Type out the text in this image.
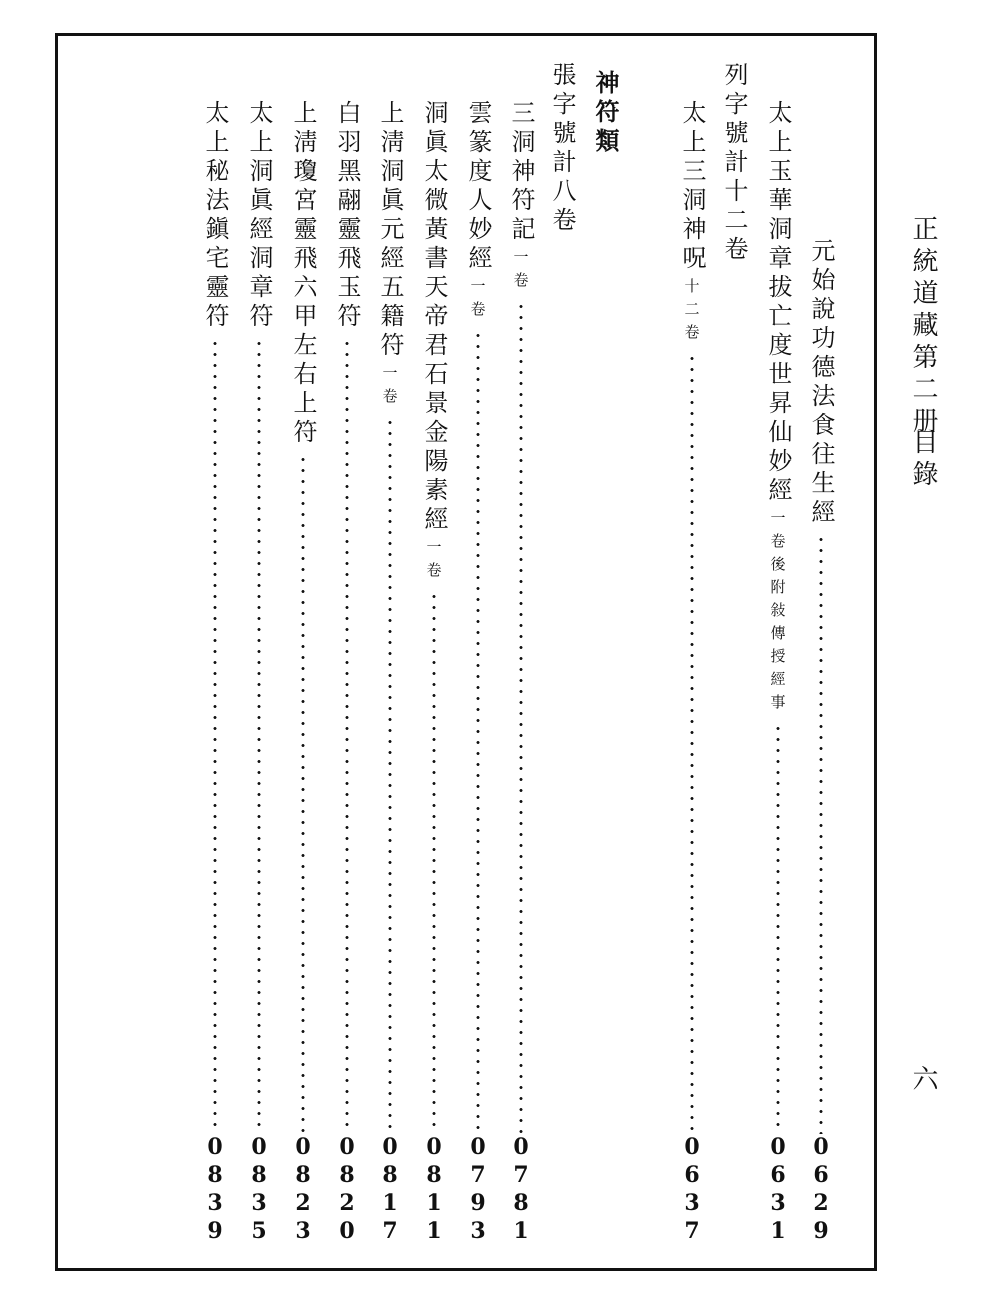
正統道藏第二册
目錄
六
元始說功德法食往生經
0
6
2
9
太上玉華洞章拔亡度世昇仙妙經
一卷後附敍傳授經事
0
6
3
1
列字號計十二卷
太上三洞神呪
十二卷
0
6
3
7
神符類
張字號計八卷
三洞神符記
一卷
0
7
8
1
雲篆度人妙經
一卷
0
7
9
3
洞眞太微黃書天帝君石景金陽素經
一卷
0
8
1
1
上淸洞眞元經五籍符
一卷
0
8
1
7
白羽黑翮靈飛玉符
0
8
2
0
上淸瓊宮靈飛六甲左右上符
0
8
2
3
太上洞眞經洞章符
0
8
3
5
太上秘法鎭宅靈符
0
8
3
9
